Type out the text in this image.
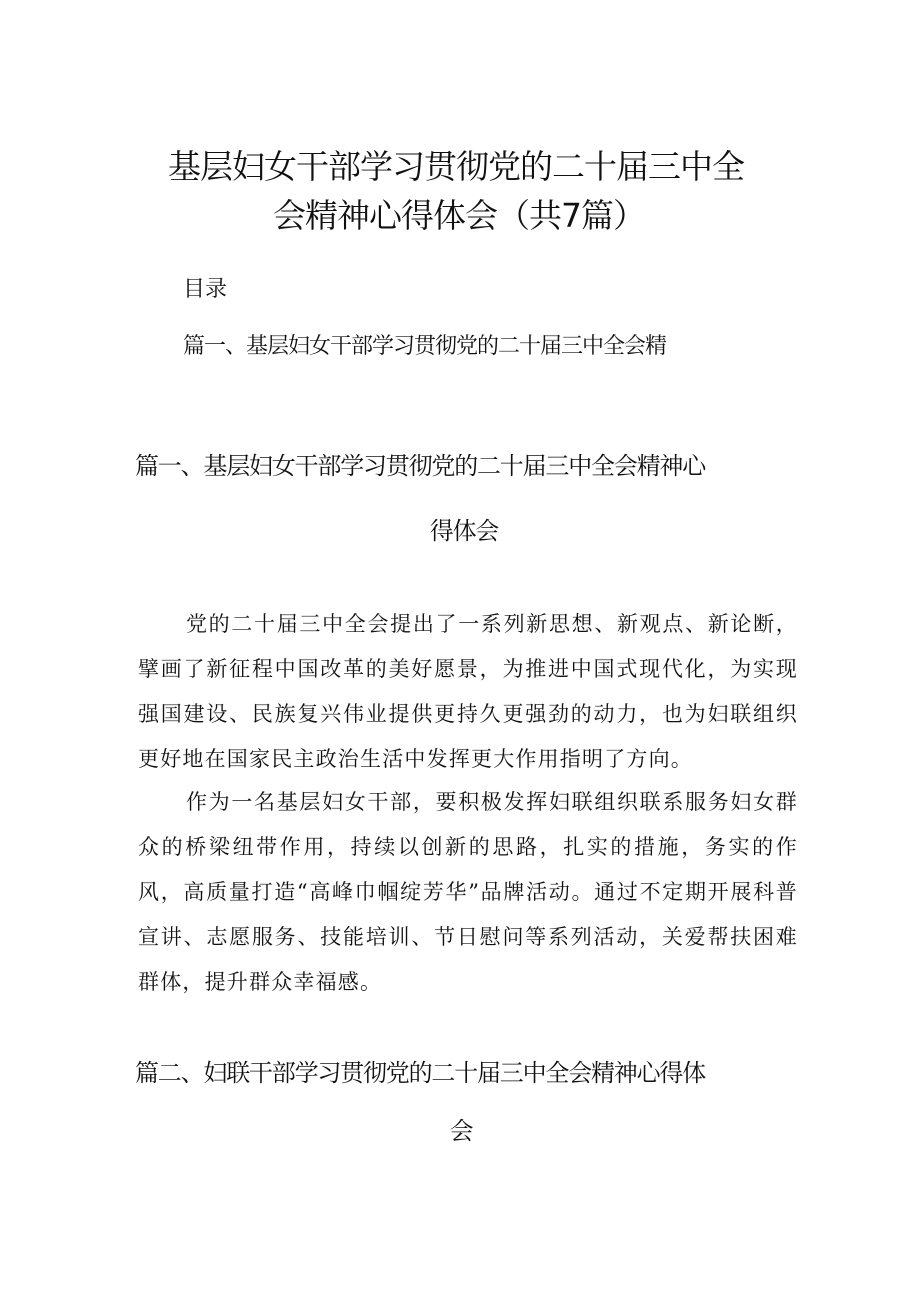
基层妇女干部学习贯彻党的二十届三中全

会精神心得体会（共7篇）

目录

篇一、基层妇女干部学习贯彻党的二十届三中全会精

篇一、基层妇女干部学习贯彻党的二十届三中全会精神心

得体会

党的二十届三中全会提出了一系列新思想、新观点、新论断，擘画了新征程中国改革的美好愿景，为推进中国式现代化，为实现强国建设、民族复兴伟业提供更持久更强劲的动力，也为妇联组织更好地在国家民主政治生活中发挥更大作用指明了方向。

作为一名基层妇女干部，要积极发挥妇联组织联系服务妇女群众的桥梁纽带作用，持续以创新的思路，扎实的措施，务实的作风，高质量打造“高峰巾帼绽芳华”品牌活动。通过不定期开展科普宣讲、志愿服务、技能培训、节日慰问等系列活动，关爱帮扶困难群体，提升群众幸福感。

篇二、妇联干部学习贯彻党的二十届三中全会精神心得体

会
